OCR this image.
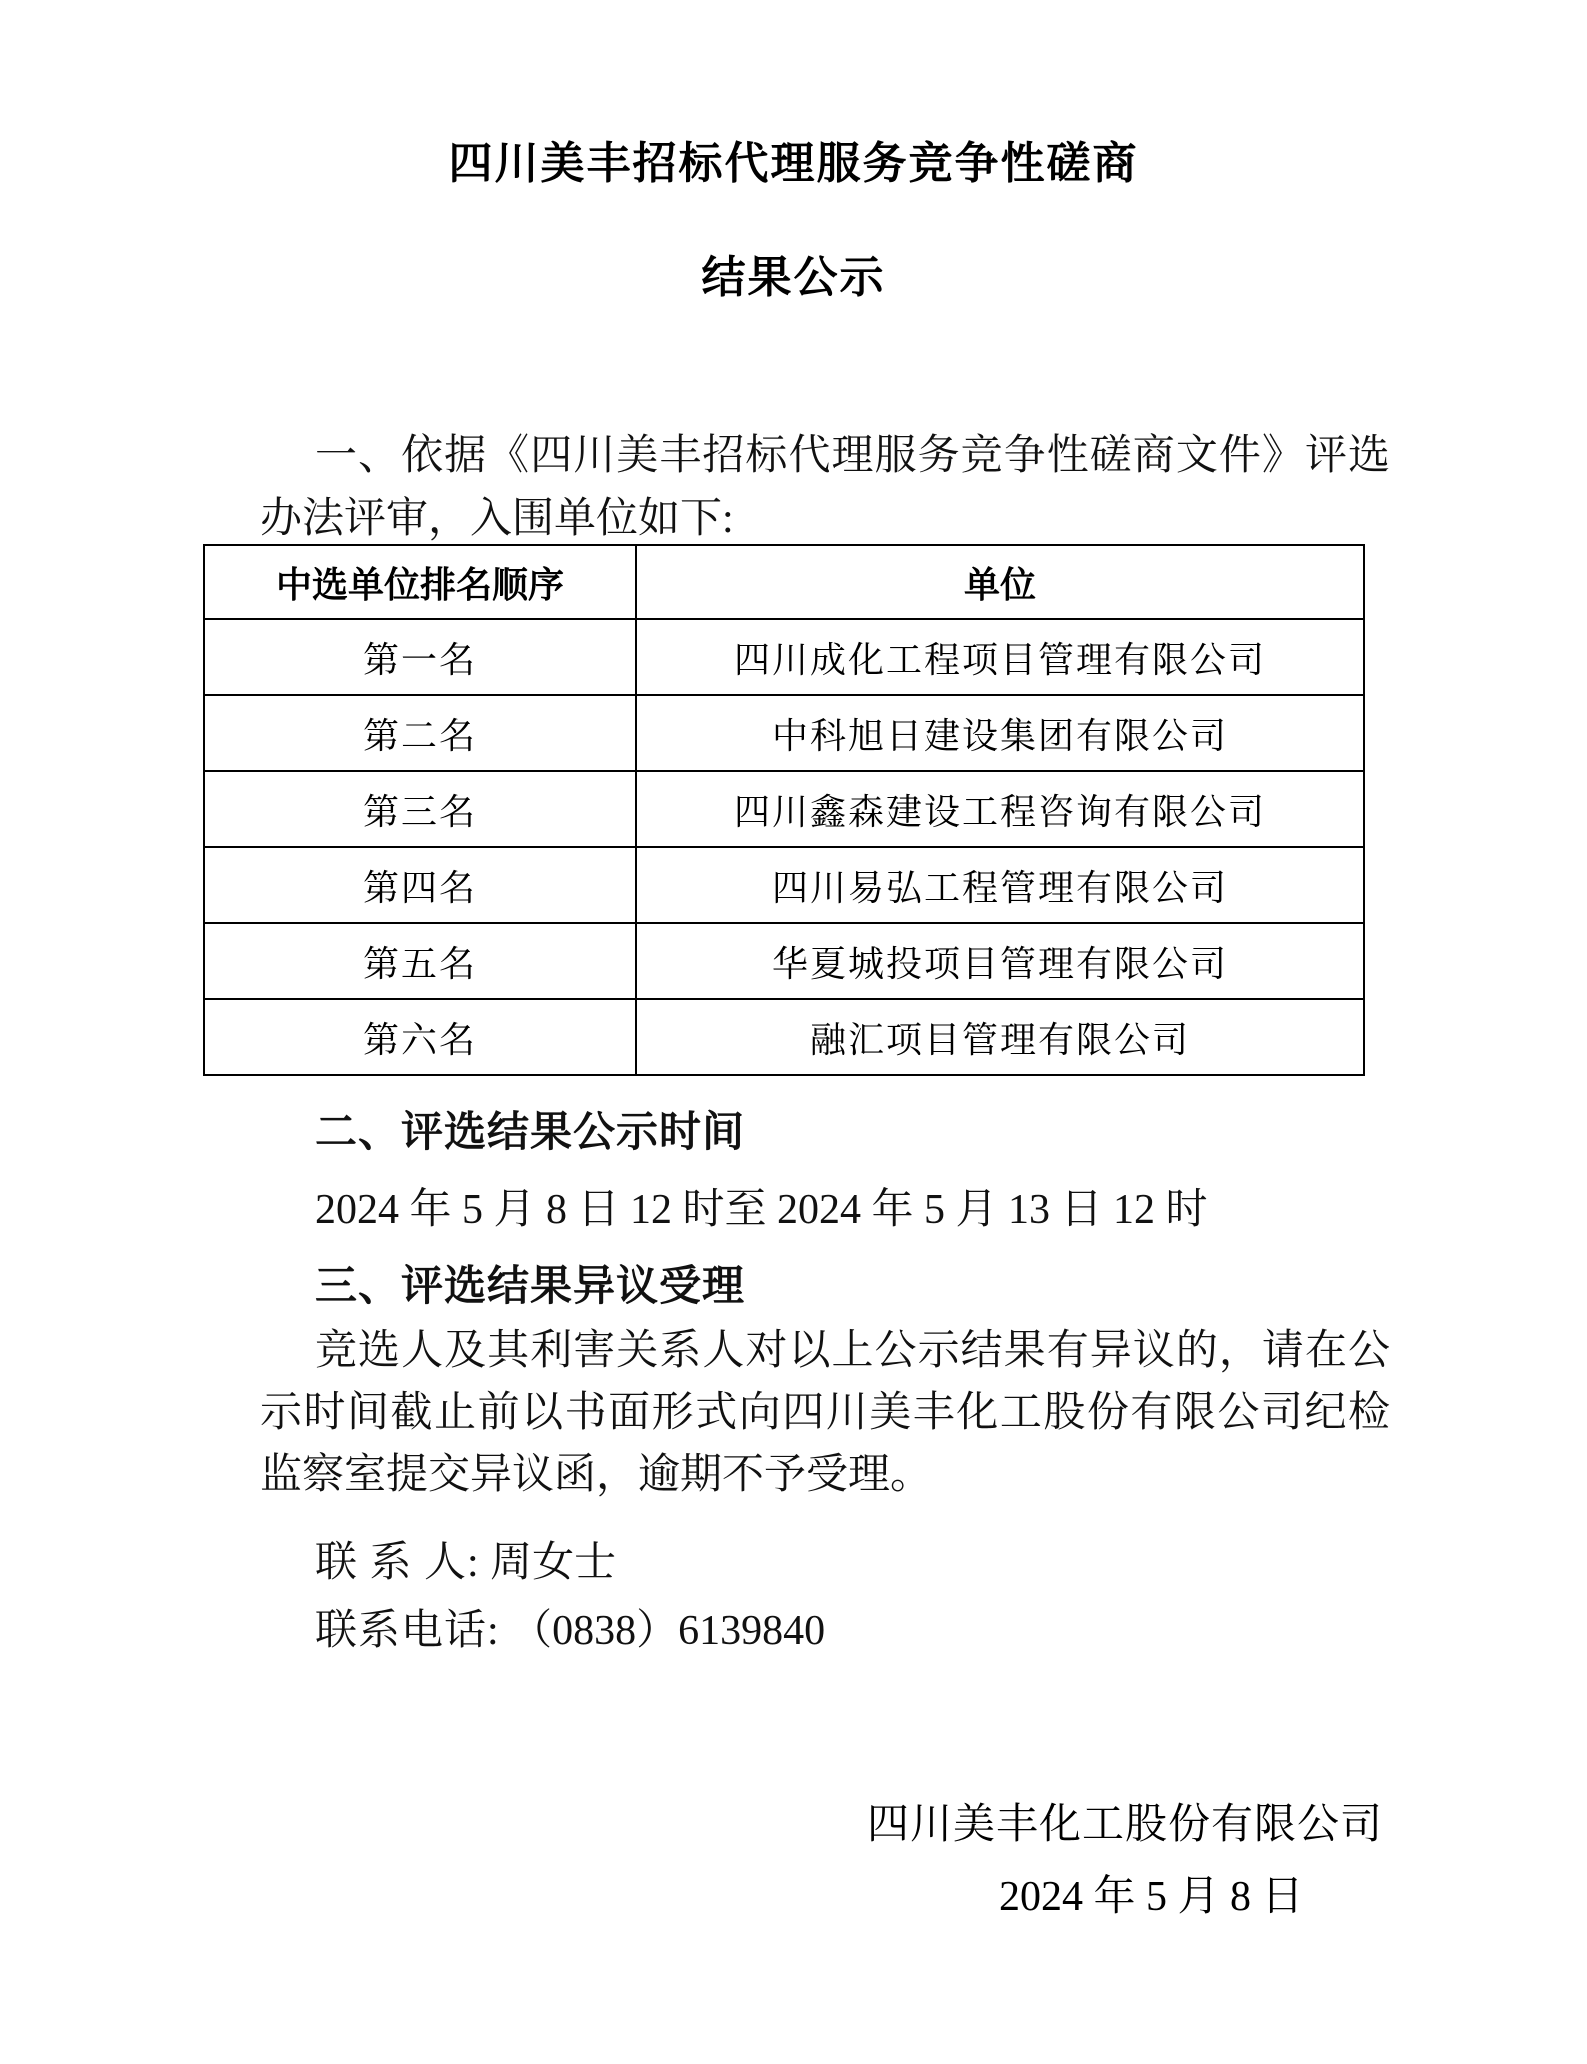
四川美丰招标代理服务竞争性磋商
结果公示
一、依据《四川美丰招标代理服务竞争性磋商文件》评选办法评审，入围单位如下:
中选单位排名顺序	单位
第一名	四川成化工程项目管理有限公司
第二名	中科旭日建设集团有限公司
第三名	四川鑫森建设工程咨询有限公司
第四名	四川易弘工程管理有限公司
第五名	华夏城投项目管理有限公司
第六名	融汇项目管理有限公司
二、评选结果公示时间
2024 年 5 月 8 日 12 时至 2024 年 5 月 13 日 12 时
三、评选结果异议受理
竞选人及其利害关系人对以上公示结果有异议的，请在公示时间截止前以书面形式向四川美丰化工股份有限公司纪检监察室提交异议函，逾期不予受理。
联 系 人: 周女士
联系电话: （0838）6139840
四川美丰化工股份有限公司
2024 年 5 月 8 日
